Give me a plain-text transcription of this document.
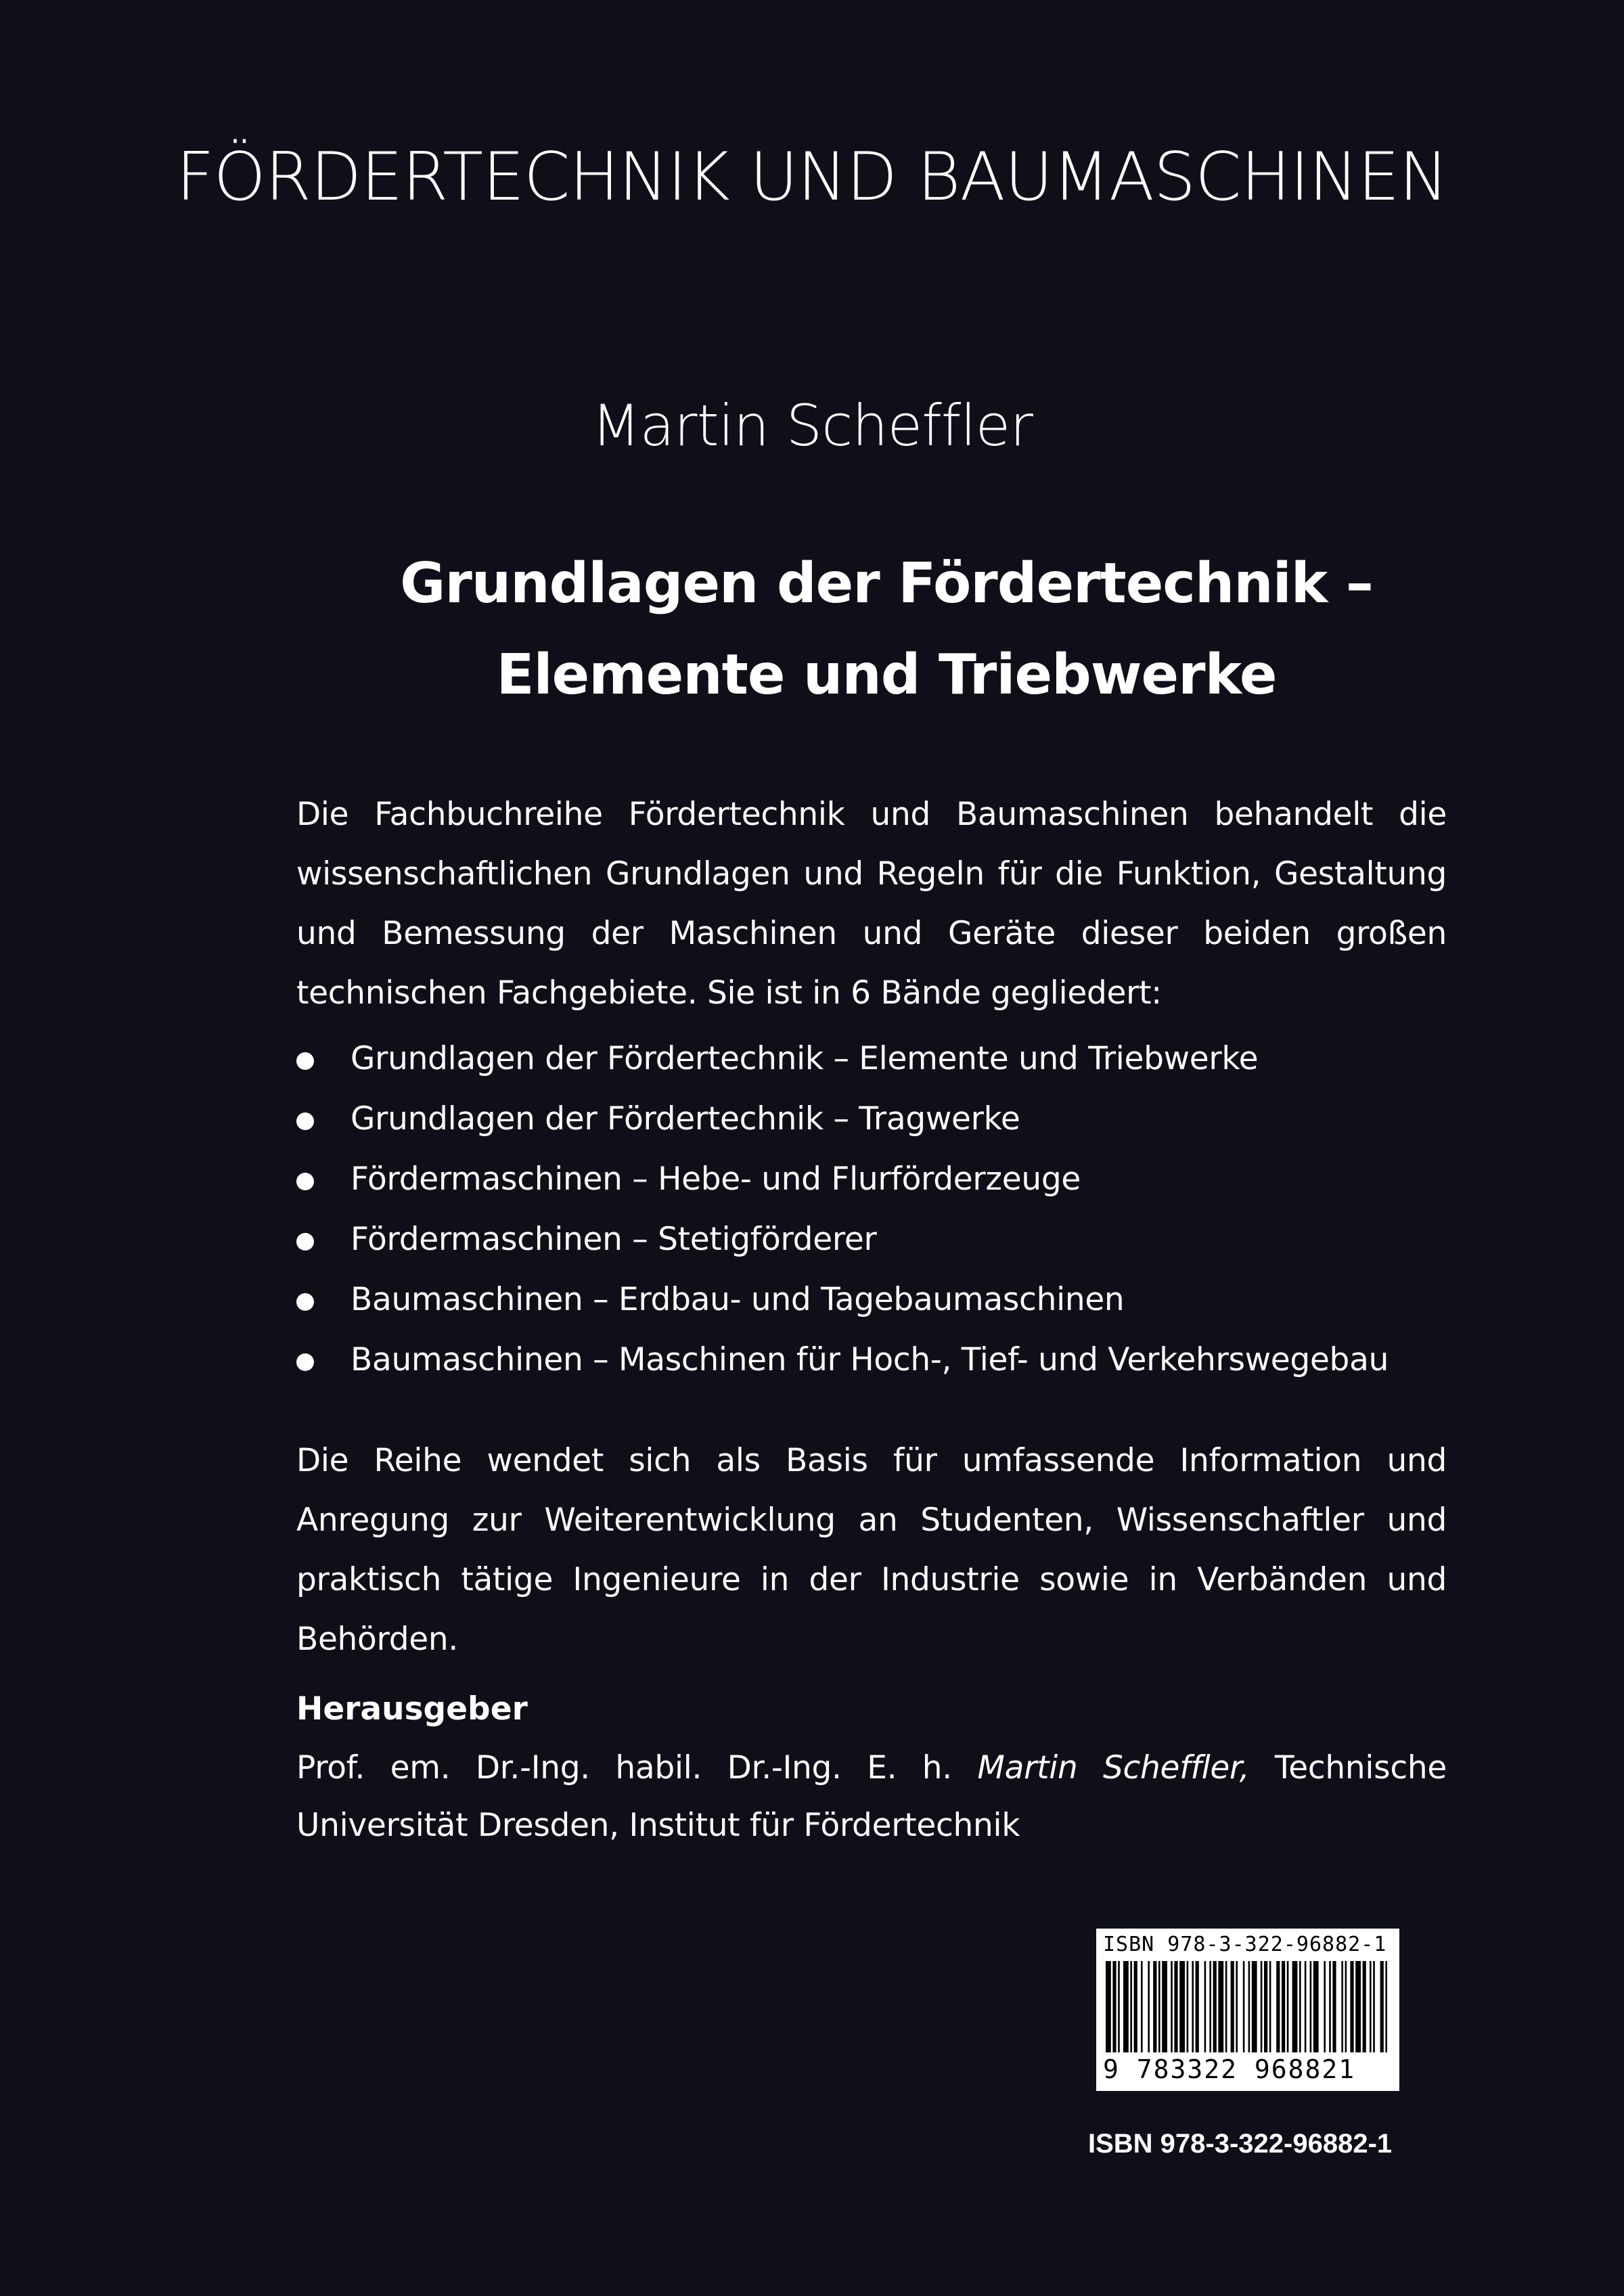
FÖRDERTECHNIK UND BAUMASCHINEN
Martin Scheffler
Grundlagen der Fördertechnik –
Elemente und Triebwerke
Die Fachbuchreihe Fördertechnik und Baumaschinen behandelt die wissenschaftlichen Grundlagen und Regeln für die Funktion, Gestaltung und Bemessung der Maschinen und Geräte dieser beiden großen technischen Fachgebiete. Sie ist in 6 Bände gegliedert:
Grundlagen der Fördertechnik – Elemente und Triebwerke
Grundlagen der Fördertechnik – Tragwerke
Fördermaschinen – Hebe- und Flurförderzeuge
Fördermaschinen – Stetigförderer
Baumaschinen – Erdbau- und Tagebaumaschinen
Baumaschinen – Maschinen für Hoch-, Tief- und Verkehrswegebau
Die Reihe wendet sich als Basis für umfassende Information und Anregung zur Weiterentwicklung an Studenten, Wissenschaftler und praktisch tätige Ingenieure in der Industrie sowie in Verbänden und Behörden.
Herausgeber
Prof. em. Dr.-Ing. habil. Dr.-Ing. E. h. Martin Scheffler, Technische Universität Dresden, Institut für Fördertechnik
ISBN 978-3-322-96882-1
9 783322 968821
ISBN 978-3-322-96882-1
